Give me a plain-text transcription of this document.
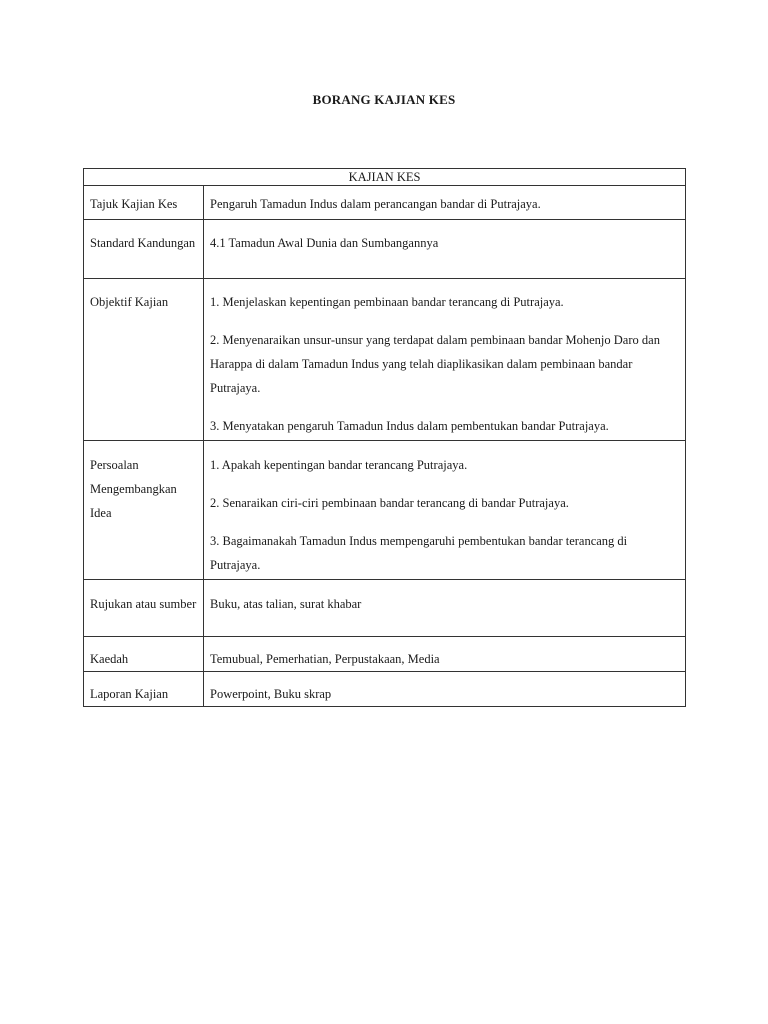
BORANG KAJIAN KES
KAJIAN KES	
Tajuk Kajian Kes	Pengaruh Tamadun Indus dalam perancangan bandar di Putrajaya.
Standard Kandungan	4.1 Tamadun Awal Dunia dan Sumbangannya
Objektif Kajian	1. Menjelaskan kepentingan pembinaan bandar terancang di Putrajaya.
2. Menyenaraikan unsur-unsur yang terdapat dalam pembinaan bandar Mohenjo Daro dan Harappa di dalam Tamadun Indus yang telah diaplikasikan dalam pembinaan bandar Putrajaya.
3. Menyatakan pengaruh Tamadun Indus dalam pembentukan bandar Putrajaya.

Persoalan Mengembangkan Idea	1. Apakah kepentingan bandar terancang Putrajaya.
2. Senaraikan ciri-ciri pembinaan bandar terancang di bandar Putrajaya.
3. Bagaimanakah Tamadun Indus mempengaruhi pembentukan bandar terancang di Putrajaya.

Rujukan atau sumber	Buku, atas talian, surat khabar
Kaedah	Temubual, Pemerhatian, Perpustakaan, Media
Laporan Kajian	Powerpoint, Buku skrap
